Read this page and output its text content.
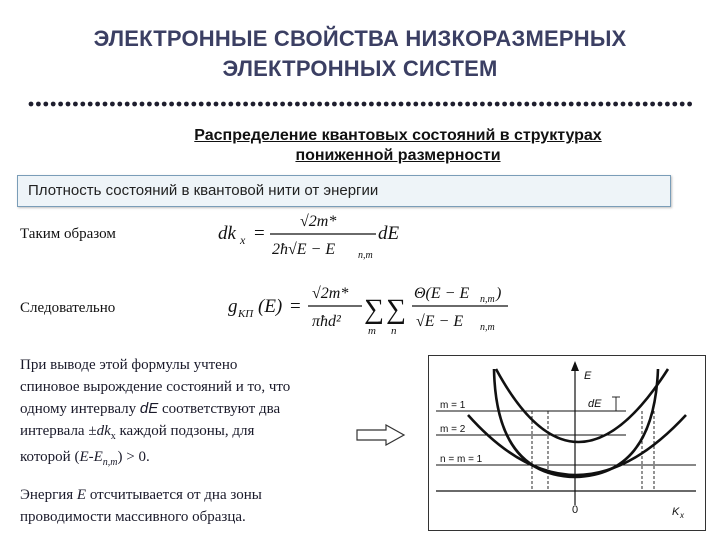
ЭЛЕКТРОННЫЕ СВОЙСТВА НИЗКОРАЗМЕРНЫХ
ЭЛЕКТРОННЫХ СИСТЕМ
Распределение квантовых состояний в структурах
пониженной размерности
Плотность состояний в квантовой нити от энергии
Таким образом	dk x =
√2m*
2ħ√E − E n,m
dE
Следовательно	g КП (E) =
√2m*
πħd² ∑
m
∑
n
Θ(E − E n,m )
√E − E n,m
При выводе этой формулы учтено
спиновое вырождение состояний и то, что
одному интервалу dE соответствуют два
интервала $\pm dk_x$ каждой подзоны, для
которой $(E-E_{n,m}) > 0$.
Энергия E отсчитывается от дна зоны
проводимости массивного образца.
E
K x
0
dE
m = 1
m = 2
n = m = 1
